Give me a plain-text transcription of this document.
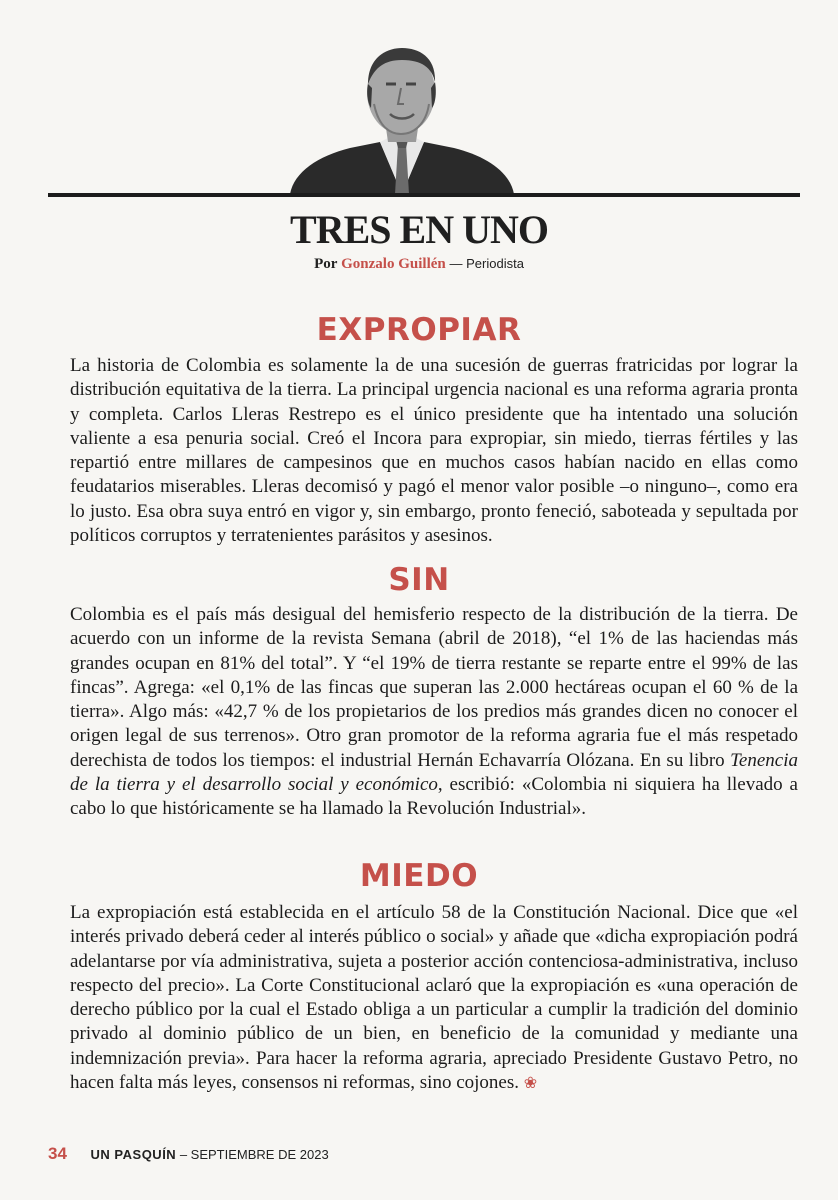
TRES EN UNO
Por Gonzalo Guillén — Periodista
EXPROPIAR

La historia de Colombia es solamente la de una sucesión de guerras fratricidas por lograr la distribución equitativa de la tierra. La principal urgencia nacional es una reforma agraria pronta y completa. Carlos Lleras Restrepo es el único presidente que ha intentado una solución valiente a esa penuria social. Creó el Incora para expropiar, sin miedo, tierras fértiles y las repartió entre millares de campesinos que en muchos casos habían nacido en ellas como feudatarios miserables. Lleras decomisó y pagó el menor valor posible –o ninguno–, como era lo justo. Esa obra suya entró en vigor y, sin embargo, pronto feneció, saboteada y sepultada por políticos corruptos y terratenientes parásitos y asesinos.

SIN

Colombia es el país más desigual del hemisferio respecto de la distribución de la tierra. De acuerdo con un informe de la revista Semana (abril de 2018), “el 1% de las haciendas más grandes ocupan en 81% del total”. Y “el 19% de tierra restante se reparte entre el 99% de las fincas”. Agrega: «el 0,1% de las fincas que superan las 2.000 hectáreas ocupan el 60 % de la tierra». Algo más: «42,7 % de los propietarios de los predios más grandes dicen no conocer el origen legal de sus terrenos». Otro gran promotor de la reforma agraria fue el más respetado derechista de todos los tiempos: el industrial Hernán Echavarría Olózana. En su libro Tenencia de la tierra y el desarrollo social y económico, escribió: «Colombia ni siquiera ha llevado a cabo lo que históricamente se ha llamado la Revolución Industrial».

MIEDO

La expropiación está establecida en el artículo 58 de la Constitución Nacional. Dice que «el interés privado deberá ceder al interés público o social» y añade que «dicha expropiación podrá adelantarse por vía administrativa, sujeta a posterior acción contenciosa-administrativa, incluso respecto del precio». La Corte Constitucional aclaró que la expropiación es «una operación de derecho público por la cual el Estado obliga a un particular a cumplir la tradición del dominio privado al dominio público de un bien, en beneficio de la comunidad y mediante una indemnización previa». Para hacer la reforma agraria, apreciado Presidente Gustavo Petro, no hacen falta más leyes, consensos ni reformas, sino cojones. ❀

34 UN PASQUÍN – SEPTIEMBRE DE 2023
